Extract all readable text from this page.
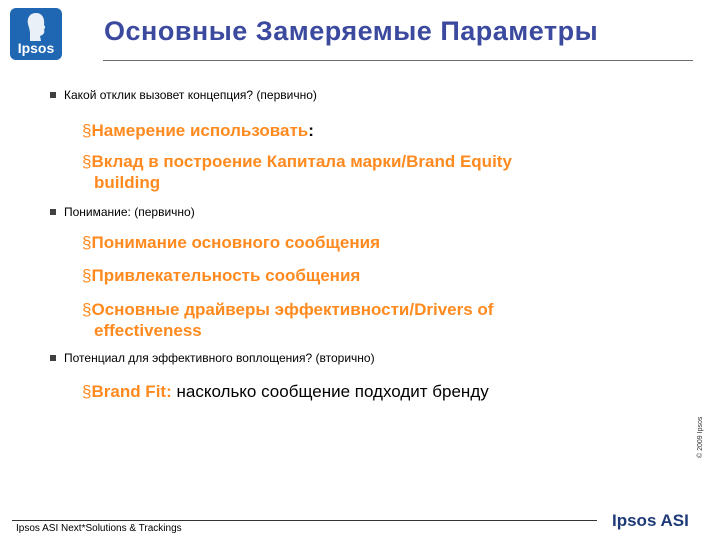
Ipsos
Основные Замеряемые Параметры
Какой отклик вызовет концепция? (первично)
§Намерение использовать:
§Вклад в построение Капитала марки/Brand Equity
building
Понимание: (первично)
§Понимание основного сообщения
§Привлекательность сообщения
§Основные драйверы эффективности/Drivers of
effectiveness
Потенциал для эффективного воплощения? (вторично)
§Brand Fit: насколько сообщение подходит бренду
© 2009 Ipsos
Ipsos ASI Next*Solutions & Trackings	Ipsos ASI
